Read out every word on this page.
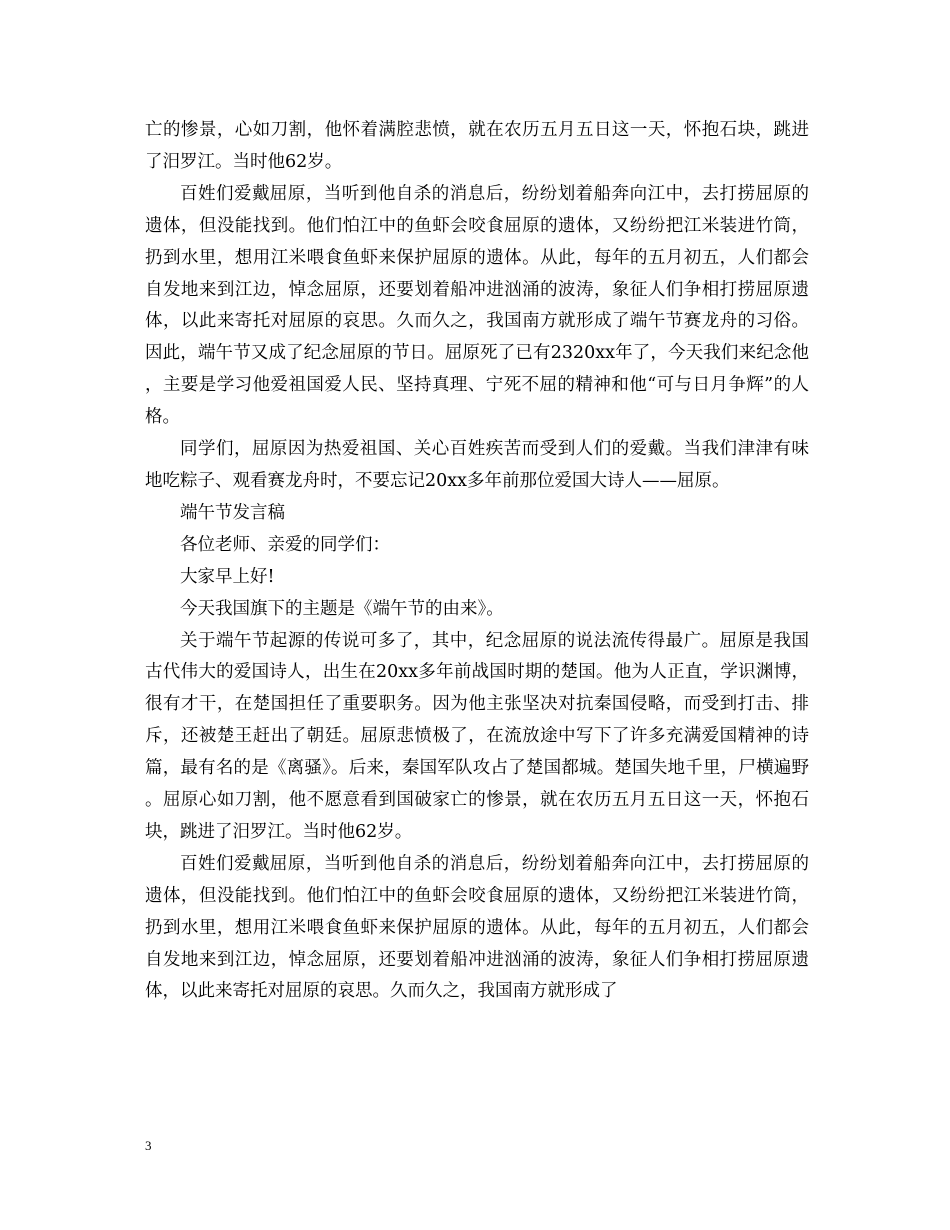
亡的惨景，心如刀割，他怀着满腔悲愤，就在农历五月五日这一天，怀抱石块，跳进了汨罗江。当时他62岁。

百姓们爱戴屈原，当听到他自杀的消息后，纷纷划着船奔向江中，去打捞屈原的遗体，但没能找到。他们怕江中的鱼虾会咬食屈原的遗体，又纷纷把江米装进竹筒，扔到水里，想用江米喂食鱼虾来保护屈原的遗体。从此，每年的五月初五，人们都会自发地来到江边，悼念屈原，还要划着船冲进汹涌的波涛，象征人们争相打捞屈原遗体，以此来寄托对屈原的哀思。久而久之，我国南方就形成了端午节赛龙舟的习俗。因此，端午节又成了纪念屈原的节日。屈原死了已有2320xx年了，今天我们来纪念他，主要是学习他爱祖国爱人民、坚持真理、宁死不屈的精神和他“可与日月争辉”的人格。

同学们，屈原因为热爱祖国、关心百姓疾苦而受到人们的爱戴。当我们津津有味地吃粽子、观看赛龙舟时，不要忘记20xx多年前那位爱国大诗人——屈原。

端午节发言稿

各位老师、亲爱的同学们：

大家早上好!

今天我国旗下的主题是《端午节的由来》。

关于端午节起源的传说可多了，其中，纪念屈原的说法流传得最广。屈原是我国古代伟大的爱国诗人，出生在20xx多年前战国时期的楚国。他为人正直，学识渊博，很有才干，在楚国担任了重要职务。因为他主张坚决对抗秦国侵略，而受到打击、排斥，还被楚王赶出了朝廷。屈原悲愤极了，在流放途中写下了许多充满爱国精神的诗篇，最有名的是《离骚》。后来，秦国军队攻占了楚国都城。楚国失地千里，尸横遍野。屈原心如刀割，他不愿意看到国破家亡的惨景，就在农历五月五日这一天，怀抱石块，跳进了汨罗江。当时他62岁。

百姓们爱戴屈原，当听到他自杀的消息后，纷纷划着船奔向江中，去打捞屈原的遗体，但没能找到。他们怕江中的鱼虾会咬食屈原的遗体，又纷纷把江米装进竹筒，扔到水里，想用江米喂食鱼虾来保护屈原的遗体。从此，每年的五月初五，人们都会自发地来到江边，悼念屈原，还要划着船冲进汹涌的波涛，象征人们争相打捞屈原遗体，以此来寄托对屈原的哀思。久而久之，我国南方就形成了

3
